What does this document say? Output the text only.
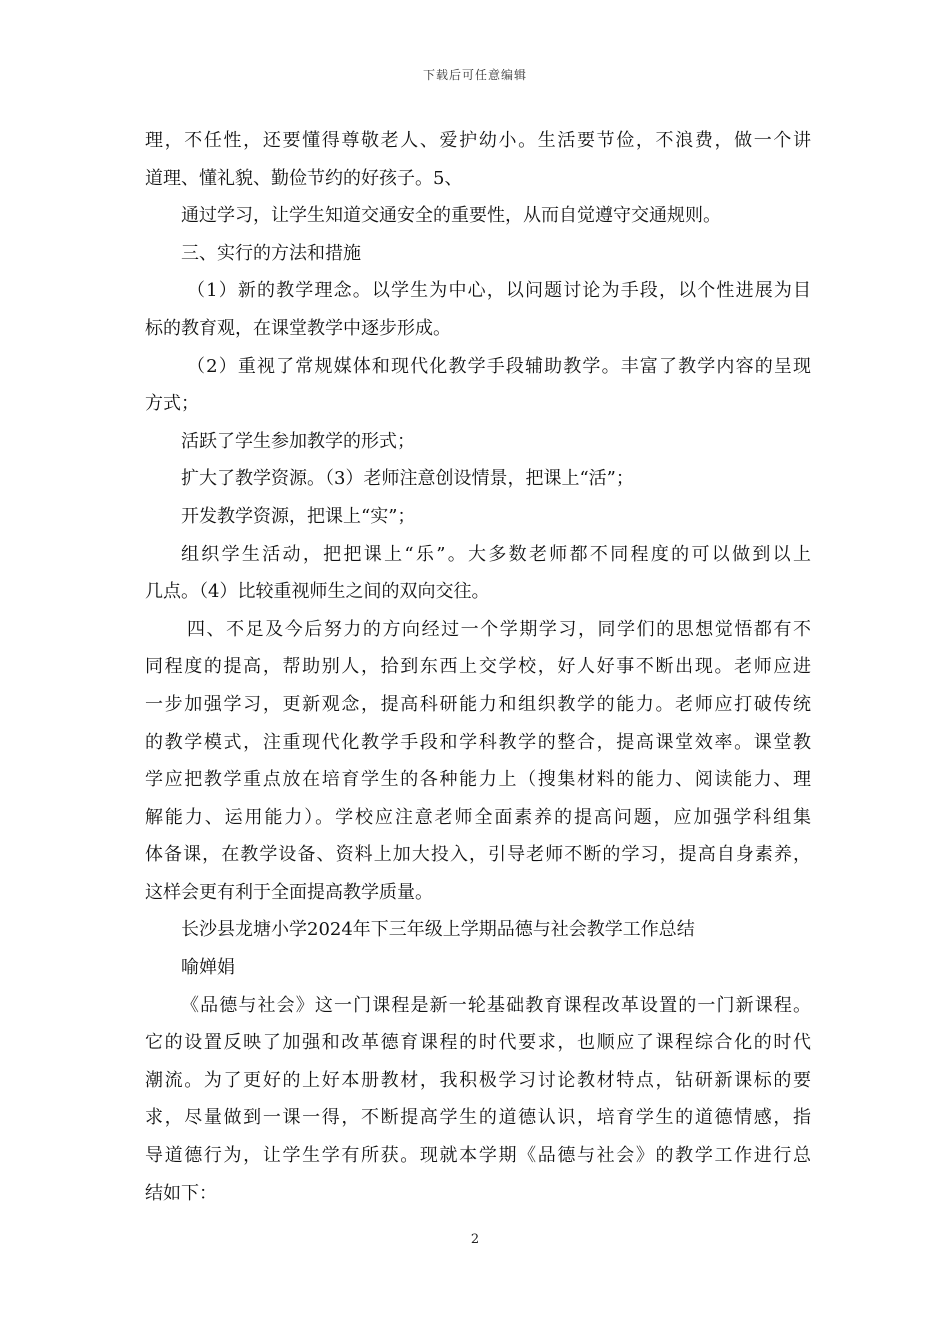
下载后可任意编辑
理，不任性，还要懂得尊敬老人、爱护幼小。生活要节俭，不浪费，做一个讲
道理、懂礼貌、勤俭节约的好孩子。5、
通过学习，让学生知道交通安全的重要性，从而自觉遵守交通规则。
三、实行的方法和措施
（1）新的教学理念。以学生为中心，以问题讨论为手段，以个性进展为目
标的教育观，在课堂教学中逐步形成。
（2）重视了常规媒体和现代化教学手段辅助教学。丰富了教学内容的呈现
方式；
活跃了学生参加教学的形式；
扩大了教学资源。（3）老师注意创设情景，把课上“活”；
开发教学资源，把课上“实”；
组织学生活动，把把课上“乐”。大多数老师都不同程度的可以做到以上
几点。（4）比较重视师生之间的双向交往。
四、不足及今后努力的方向经过一个学期学习，同学们的思想觉悟都有不
同程度的提高，帮助别人，拾到东西上交学校，好人好事不断出现。老师应进
一步加强学习，更新观念，提高科研能力和组织教学的能力。老师应打破传统
的教学模式，注重现代化教学手段和学科教学的整合，提高课堂效率。课堂教
学应把教学重点放在培育学生的各种能力上（搜集材料的能力、阅读能力、理
解能力、运用能力）。学校应注意老师全面素养的提高问题，应加强学科组集
体备课，在教学设备、资料上加大投入，引导老师不断的学习，提高自身素养，
这样会更有利于全面提高教学质量。
长沙县龙塘小学2024年下三年级上学期品德与社会教学工作总结
喻婵娟
《品德与社会》这一门课程是新一轮基础教育课程改革设置的一门新课程。
它的设置反映了加强和改革德育课程的时代要求，也顺应了课程综合化的时代
潮流。为了更好的上好本册教材，我积极学习讨论教材特点，钻研新课标的要
求，尽量做到一课一得，不断提高学生的道德认识，培育学生的道德情感，指
导道德行为，让学生学有所获。现就本学期《品德与社会》的教学工作进行总
结如下：
2
